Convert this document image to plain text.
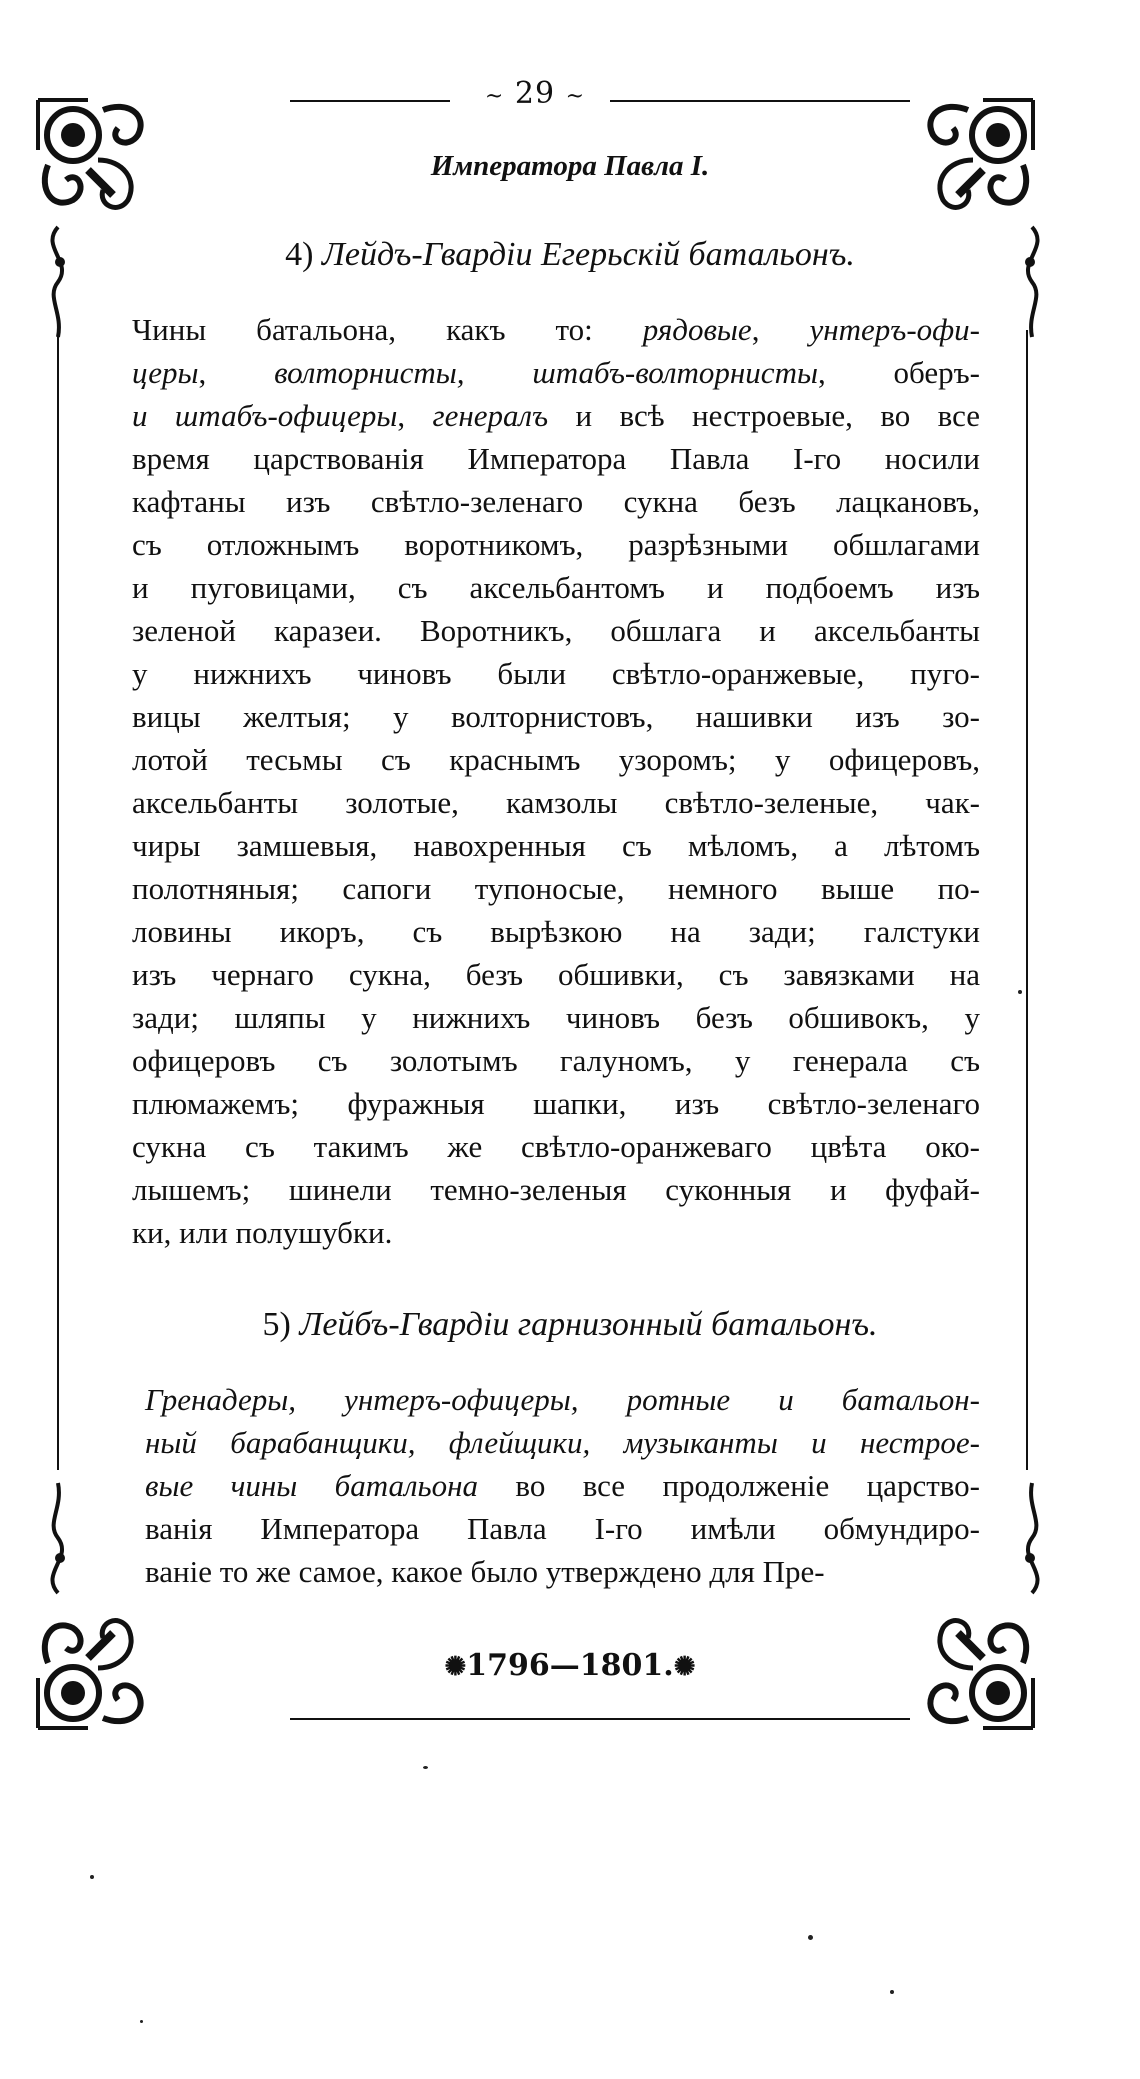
~ 29 ~
Императора Павла I.
4) Лейдъ-Гвардіи Егерьскій батальонъ.
Чины батальона, какъ то: рядовые, унтеръ-офи-
церы, волторнисты, штабъ-волторнисты, оберъ-
и штабъ-офицеры, генералъ и всѣ нестроевые, во все
время царствованія Императора Павла I-го носили
кафтаны изъ свѣтло-зеленаго сукна безъ лацкановъ,
съ отложнымъ воротникомъ, разрѣзными обшлагами
и пуговицами, съ аксельбантомъ и подбоемъ изъ
зеленой каразеи. Воротникъ, обшлага и аксельбанты
у нижнихъ чиновъ были свѣтло-оранжевые, пуго-
вицы желтыя; у волторнистовъ, нашивки изъ зо-
лотой тесьмы съ краснымъ узоромъ; у офицеровъ,
аксельбанты золотые, камзолы свѣтло-зеленые, чак-
чиры замшевыя, навохренныя съ мѣломъ, а лѣтомъ
полотняныя; сапоги тупоносые, немного выше по-
ловины икоръ, съ вырѣзкою на зади; галстуки
изъ чернаго сукна, безъ обшивки, съ завязками на
зади; шляпы у нижнихъ чиновъ безъ обшивокъ, у
офицеровъ съ золотымъ галуномъ, у генерала съ
плюмажемъ; фуражныя шапки, изъ свѣтло-зеленаго
сукна съ такимъ же свѣтло-оранжеваго цвѣта око-
лышемъ; шинели темно-зеленыя суконныя и фуфай-
ки, или полушубки.
5) Лейбъ-Гвардіи гарнизонный батальонъ.
Гренадеры, унтеръ-офицеры, ротные и батальон-
ный барабанщики, флейщики, музыканты и нестрое-
вые чины батальона во все продолженіе царство-
ванія Императора Павла I-го имѣли обмундиро-
ваніе то же самое, какое было утверждено для Пре-
✺1796—1801.✺
